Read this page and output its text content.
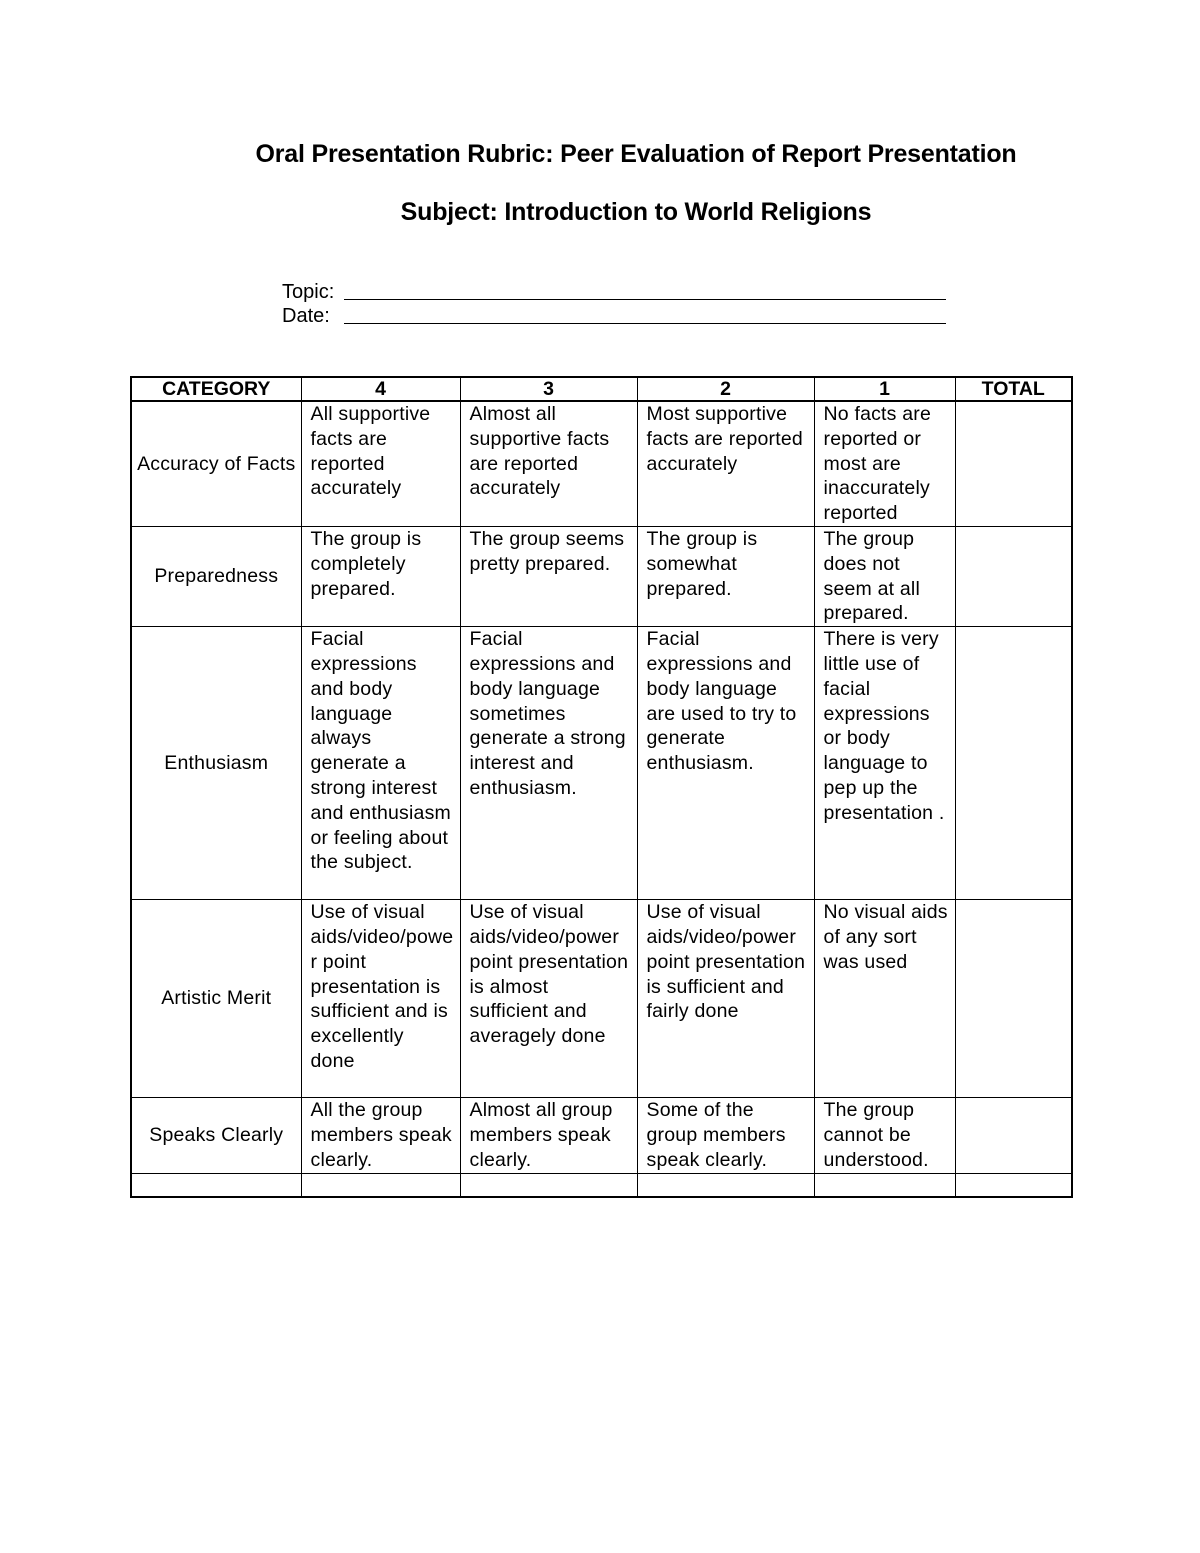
Oral Presentation Rubric: Peer Evaluation of Report Presentation
Subject: Introduction to World Religions
Topic:
Date:
CATEGORY	4	3	2	1	TOTAL
Accuracy of Facts	All supportive facts are reported accurately	Almost all supportive facts are reported accurately	Most supportive facts are reported accurately	No facts are reported or most are inaccurately reported	
Preparedness	The group is completely prepared.	The group seems pretty prepared.	The group is somewhat prepared.	The group does not seem at all prepared.	
Enthusiasm	Facial expressions and body language always generate a strong interest and enthusiasm or feeling about the subject.	Facial expressions and body language sometimes generate a strong interest and enthusiasm.	Facial expressions and body language are used to try to generate enthusiasm.	There is very little use of facial expressions or body language to pep up the presentation .	
Artistic Merit	Use of visual aids/video/power point presentation is sufficient and is excellently done	Use of visual aids/video/power point presentation is almost sufficient and averagely done	Use of visual aids/video/power point presentation is sufficient and fairly done	No visual aids of any sort was used	
Speaks Clearly	All the group members speak clearly.	Almost all group members speak clearly.	Some of the group members speak clearly.	The group cannot be understood.	
